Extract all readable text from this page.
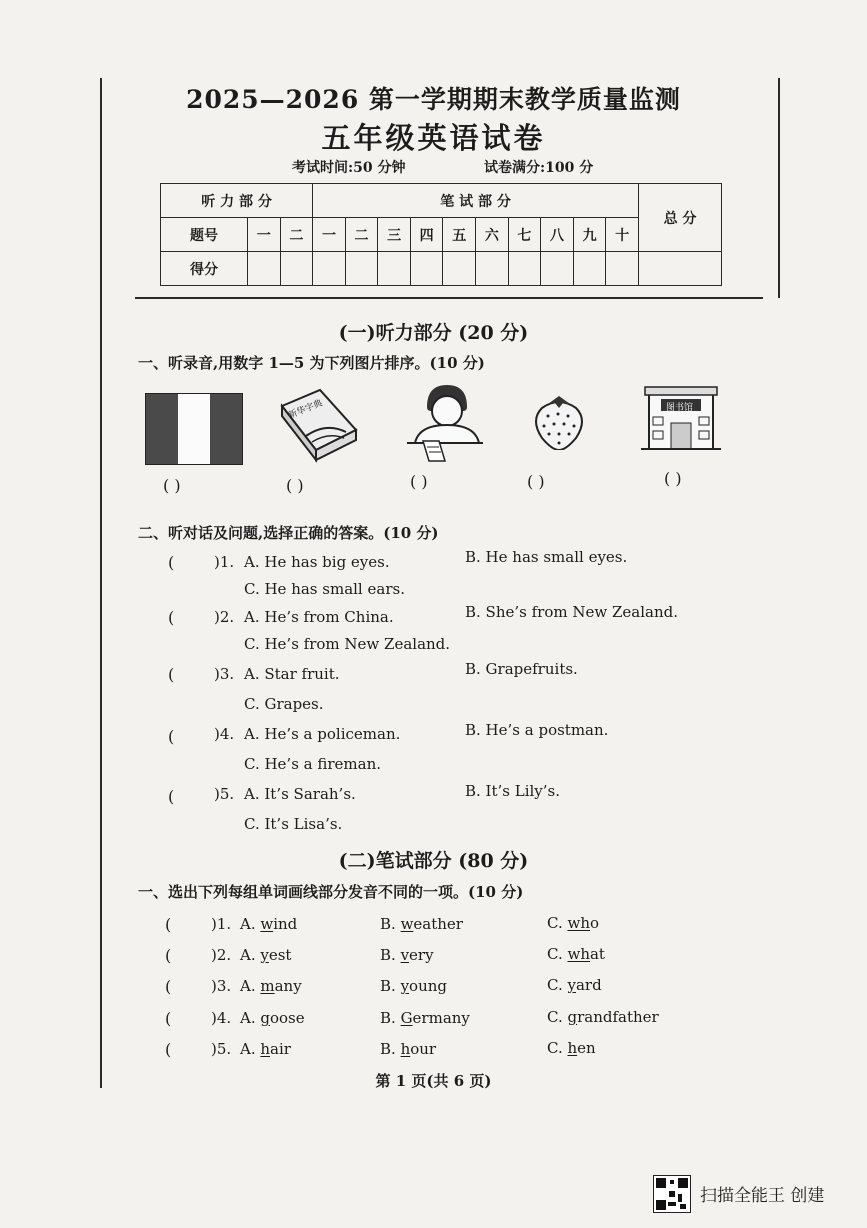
2025—2026 第一学期期末教学质量监测
五年级英语试卷
考试时间:50 分钟	试卷满分:100 分
听 力 部 分			笔 试 部 分										总 分
题号	一	二	一	二	三	四	五	六	七	八	九	十	
得分													
(一)听力部分 (20 分)
一、听录音,用数字 1—5 为下列图片排序。(10 分)
新华字典	图书馆
( )	( )	( )	( )	( )
二、听对话及问题,选择正确的答案。(10 分)
(	)1. A. He has big eyes.	B. He has small eyes.
C. He has small ears.
(	)2. A. He’s from China.	B. She’s from New Zealand.
C. He’s from New Zealand.
(	)3. A. Star fruit.	B. Grapefruits.
C. Grapes.
(	)4. A. He’s a policeman.	B. He’s a postman.
C. He’s a fireman.
(	)5. A. It’s Sarah’s.	B. It’s Lily’s.
C. It’s Lisa’s.
(二)笔试部分 (80 分)
一、选出下列每组单词画线部分发音不同的一项。(10 分)
(	)1. A. wind	B. weather	C. who
(	)2. A. yest	B. very	C. what
(	)3. A. many	B. young	C. yard
(	)4. A. goose	B. Germany	C. grandfather
(	)5. A. hair	B. hour	C. hen
第 1 页(共 6 页)
扫描全能王 创建
